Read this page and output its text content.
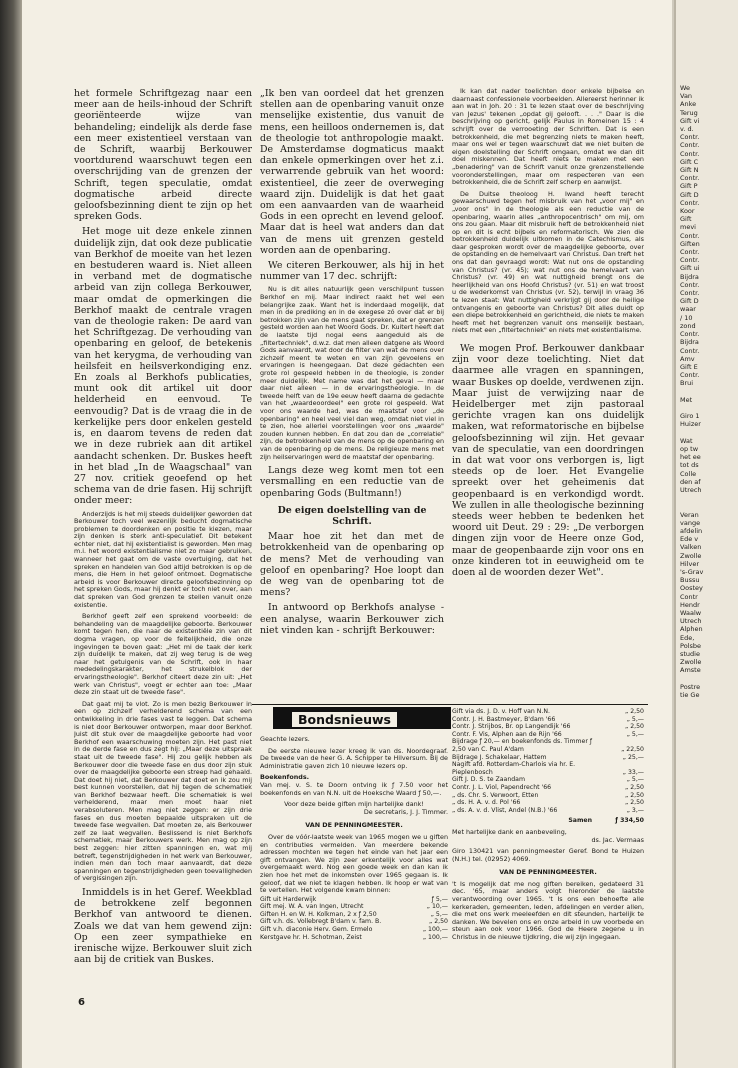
het formele Schriftgezag naar een meer aan de heils-inhoud der Schrift georiënteerde wijze van behandeling; eindelijk als derde fase een meer existentieel verstaan van de Schrift, waarbij Berkouwer voortdurend waarschuwt tegen een overschrijding van de grenzen der Schrift, tegen speculatie, omdat dogmatische arbeid directe geloofsbezinning dient te zijn op het spreken Gods.

Het moge uit deze enkele zinnen duidelijk zijn, dat ook deze publicatie van Berkhof de moeite van het lezen en bestuderen waard is. Niet alleen in verband met de dogmatische arbeid van zijn collega Berkouwer, maar omdat de opmerkingen die Berkhof maakt de centrale vragen van de theologie raken: De aard van het Schriftgezag. De verhouding van openbaring en geloof, de betekenis van het kerygma, de verhouding van heilsfeit en heilsverkondiging enz. En zoals al Berkhofs publicaties, munt ook dit artikel uit door helderheid en eenvoud. Te eenvoudig? Dat is de vraag die in de kerkelijke pers door enkelen gesteld is, en daarom tevens de reden dat we in deze rubriek aan dit artikel aandacht schenken. Dr. Buskes heeft in het blad „In de Waagschaal" van 27 nov. critiek geoefend op het schema van de drie fasen. Hij schrijft onder meer:

Anderzijds is het mij steeds duidelijker geworden dat Berkouwer toch veel wezenlijk beducht dogmatische problemen te doordenken en positie te kiezen, maar zijn denken is sterk anti-speculatief. Dit betekent echter niet, dat hij existentialist is geworden. Men mag m.i. het woord existentialisme niet zo maar gebruiken, wanneer het gaat om de vaste overtuiging, dat het spreken en handelen van God altijd betrokken is op de mens, die Hem in het geloof ontmoet. Dogmatische arbeid is voor Berkouwer directe geloofsbezinning op het spreken Gods, maar hij denkt er toch niet over, aan dat spreken van God grenzen te stellen vanuit onze existentie.

Berkhof geeft zelf een sprekend voorbeeld: de behandeling van de maagdelijke geboorte. Berkouwer komt tegen hen, die naar de existentiële zin van dit dogma vragen, op voor de feitelijkheid, die onze ingevingen te boven gaat: „Het mi de taak der kerk zijn duidelijk te maken, dat zij weg terug is de weg naar het getuigenis van de Schrift, ook in haar mededelingskarakter, het strukelblok der ervaringstheologie". Berkhof citeert deze zin uit: „Het werk van Christus", voegt er echter aan toe: „Maar deze zin staat uit de tweede fase".

Dat gaat mij te vlot. Zo is men bezig Berkouwer in een op zichzelf verhelderend schema van een ontwikkeling in drie fases vast te leggen. Dat schema is niet door Berkouwer ontworpen, maar door Berkhof. Juist dit stuk over de maagdelijke geboorte had voor Berkhof een waarschuwing moeten zijn. Het past niet in de derde fase en dus zegt hij: „Maar deze uitspraak staat uit de tweede fase". Hij zou gelijk hebben als Berkouwer door die tweede fase en dus door zijn stuk over de maagdelijke geboorte een streep had gehaald. Dat doet hij niet, dat Berkouwer dat doet en ik zou mij best kunnen voorstellen, dat hij tegen de schematiek van Berkhof bezwaar heeft. Die schematiek is wel verhelderend, maar men moet haar niet verabsoluteren. Men mag niet zeggen: er zijn drie fases en dus moeten bepaalde uitspraken uit de tweede fase wegvallen. Dat moeten ze, als Berkouwer zelf ze laat wegvallen. Beslissend is niet Berkhofs schematiek, maar Berkouwers werk. Men mag op zijn best zeggen: hier zitten spanningen en, wat mij betreft, tegenstrijdigheden in het werk van Berkouwer, indien men dan toch maar aanvaardt, dat deze spanningen en tegenstrijdigheden geen toevalligheden of vergissingen zijn.

Inmiddels is in het Geref. Weekblad de betrokkene zelf begonnen Berkhof van antwoord te dienen. Zoals we dat van hem gewend zijn: Op een zeer sympathieke en irenische wijze. Berkouwer sluit zich aan bij de critiek van Buskes.

„Ik ben van oordeel dat het grenzen stellen aan de openbaring vanuit onze menselijke existentie, dus vanuit de mens, een heilloos ondernemen is, dat de theologie tot anthropologie maakt. De Amsterdamse dogmaticus maakt dan enkele opmerkingen over het z.i. verwarrende gebruik van het woord: existentieel, die zeer de overweging waard zijn. Duidelijk is dat het gaat om een aanvaarden van de waarheid Gods in een oprecht en levend geloof. Maar dat is heel wat anders dan dat van de mens uit grenzen gesteld worden aan de openbaring.

We citeren Berkouwer, als hij in het nummer van 17 dec. schrijft:

Nu is dit alles natuurlijk geen verschilpunt tussen Berkhof en mij. Maar indirect raakt het wel een belangrijke zaak. Want het is inderdaad mogelijk, dat men in de prediking en in de exegese zó over dat er bij betrokken zijn van de mens gaat spreken, dat er grenzen gesteld worden aan het Woord Gods. Dr. Kuitert heeft dat de laatste tijd nogal eens aangeduid als de „filtertechniek", d.w.z. dat men alleen datgene als Woord Gods aanvaardt, wat door de filter van wat de mens over zichzelf meent te weten en van zijn gevoelens en ervaringen is heengegaan. Dat deze gedachten een grote rol gespeeld hebben in de theologie, is zonder meer duidelijk. Met name was dat het geval — maar daar niet alleen — in de ervaringstheologie. In de tweede helft van de 19e eeuw heeft daarna de gedachte van het „waardeoordeel" een grote rol gespeeld. Wat voor ons waarde had, was de maatstaf voor „de openbaring" en heel veel viel dan weg, omdat niet viel in te zien, hoe allerlei voorstellingen voor ons „waarde" zouden kunnen hebben. En dat zou dan de „correlatie" zijn, de betrokkenheid van de mens op de openbaring en van de openbaring op de mens. De religieuze mens met zijn heilservaringen werd de maatstaf der openbaring.

Langs deze weg komt men tot een versmalling en een reductie van de openbaring Gods (Bultmann!)

De eigen doelstelling van de Schrift.

Maar hoe zit het dan met de betrokkenheid van de openbaring op de mens? Met de verhouding van geloof en openbaring? Hoe loopt dan de weg van de openbaring tot de mens?

In antwoord op Berkhofs analyse - een analyse, waarin Berkouwer zich niet vinden kan - schrijft Berkouwer:

Ik kan dat nader toelichten door enkele bijbelse en daarnaast confessionele voorbeelden. Allereerst herinner ik aan wat in Joh. 20 : 31 te lezen staat over de beschrijving van Jezus' tekenen „opdat gij gelooft. . . ." Daar is die beschrijving op gericht, gelijk Paulus in Romeinen 15 : 4 schrijft over de verrooeting der Schriften. Dat is een betrokkenheid, die met begrenzing niets te maken heeft, maar ons wel er tegen waarschuwt dat we niet buiten de eigen doelstelling der Schrift omgaan, omdat we dan dit doel miskennen. Dat heeft niets te maken met een „benadering" van de Schrift vanuit onze grenzenstellende vooronderstellingen, maar om respecteren van een betrokkenheid, die de Schrift zelf scherp en aanwijst.

De Duitse theoloog H. Iwand heeft terecht gewaarschuwd tegen het misbruik van het „voor mij" en „voor ons" in de theologie als een reductie van de openbaring, waarin alles „anthropocentrisch" om mij, om ons zou gaan. Maar dit misbruik heft de betrokkenheid niet op en dit is echt bijbels en reformatorisch. We zien die betrokkenheid duidelijk uitkomen in de Catechismus, als daar gesproken wordt over de maagdelijke geboorte, over de opstanding en de hemelvaart van Christus. Dan treft het ons dat dan gevraagd wordt: Wat nut ons de opstanding van Christus? (vr. 45); wat nut ons de hemelvaart van Christus? (vr. 49) en wat nuttigheid brengt ons de heerlijkheid van ons Hoofd Christus? (vr. 51) en wat troost u de wederkomst van Christus (vr. 52), terwijl in vraag 36 te lezen staat: Wat nuttigheid verkrijgt gij door de heilige ontvangenis en geboorte van Christus? Dit alles duidt op een diepe betrokkenheid en gerichtheid, die niets te maken heeft met het begrenzen vanuit ons menselijk bestaan, niets met een „filtertechniek" en niets met existentialisme.

We mogen Prof. Berkouwer dankbaar zijn voor deze toelichting. Niet dat daarmee alle vragen en spanningen, waar Buskes op doelde, verdwenen zijn. Maar juist de verwijzing naar de Heidelberger met zijn pastoraal gerichte vragen kan ons duidelijk maken, wat reformatorische en bijbelse geloofsbezinning wil zijn. Het gevaar van de speculatie, van een doordringen in dat wat voor ons verborgen is, ligt steeds op de loer. Het Evangelie spreekt over het geheimenis dat geopenbaard is en verkondigd wordt. We zullen in alle theologische bezinning steeds weer hebben te bedenken het woord uit Deut. 29 : 29: „De verborgen dingen zijn voor de Heere onze God, maar de geopenbaarde zijn voor ons en onze kinderen tot in eeuwigheid om te doen al de woorden dezer Wet".

Bondsnieuws

Geachte lezers.

De eerste nieuwe lezer kreeg ik van ds. Noordegraaf. De tweede van de heer G. A. Schipper te Hilversum. Bij de Administratie gaven zich 10 nieuwe lezers op.

Boekenfonds.

Van mej. v. S. te Doorn ontving ik ƒ 7.50 voor het boekenfonds en van N.N. uit de Hoeksche Waard ƒ 50,—.

Voor deze beide giften mijn hartelijke dank!

De secretaris, J. J. Timmer.

VAN DE PENNINGMEESTER.

Over de vóór-laatste week van 1965 mogen we u giften en contributies vermelden. Van meerdere bekende adressen mochten we tegen het einde van het jaar een gift ontvangen. We zijn zeer erkentelijk voor alles wat overgemaakt werd. Nog een goede week en dan kan ik zien hoe het met de inkomsten over 1965 gegaan is. Ik geloof, dat we niet te klagen hebben. Ik hoop er wat van te vertellen. Het volgende kwam binnen:

Gift uit Harderwijk	ƒ 5,—
Gift mej. W. A. van Ingen, Utrecht	„ 10,—
Giften H. en W. H. Kolkman, 2 x ƒ 2,50	„ 5,—
Gift v.h. ds. Vollebregt B'dam v. fam. B.	„ 2,50
Gift v.h. diaconie Herv. Gem. Ermelo	„ 100,—
Kerstgave hr. H. Schotman, Zeist	„ 100,—
Gift via ds. J. D. v. Hoff van N.N.	„ 2,50
Contr. J. H. Bastmeyer, B'dam '66	„ 5,—
Contr. J. Strijbos, Br. op Langendijk '66	„ 2,50
Contr. F. Vis, Alphen aan de Rijn '66	„ 5,—
Bijdrage ƒ 20,— en boekenfonds ds. Timmer ƒ 2,50 van C. Paul A'dam	„ 22,50
Bijdrage J. Schakelaar, Hattem	„ 25,—
Nagift afd. Rotterdam-Charlois via hr. E. Pieplenbosch	„ 33,—
Gift J. D. S. te Zaandam	„ 5,—
Contr. J. L. Viol, Papendrecht '66	„ 2,50
„ ds. Chr. S. Verwoort, Etten	„ 2,50
„ ds. H. A. v. d. Pol '66	„ 2,50
„ ds. A. v. d. Vlist, Andel (N.B.) '66	„ 3,—
Samen	ƒ 334,50

Met hartelijke dank en aanbeveling,

ds. Jac. Vermaas

Giro 130421 van penningmeester Geref. Bond te Huizen (N.H.) tel. (02952) 4069.

VAN DE PENNINGMEESTER.

't Is mogelijk dat me nog giften bereiken, gedateerd 31 dec. '65, maar anders volgt hieronder de laatste verantwoording over 1965. 't Is ons een behoefte alle kerkeraden, gemeenten, leden, afdelingen en verder allen, die met ons werk meeleefden en dit steunden, hartelijk te danken. We bevelen ons en onze arbeid in uw voorbede en steun aan ook voor 1966. God de Heere zegene u in Christus in de nieuwe tijdkring, die wij zijn ingegaan.

6
We
Van
Anke
Terug
Gift vi
v. d.
Contr.
Contr.
Contr.
Gift C
Gift N
Contr.
Gift P
Gift D
Contr.
Koor
Gift
mevi
Contr.
Giften
Contr.
Contr.
Gift ui
Bijdra
Contr.
Contr.
Gift D
waar
/ 10
zond
Contr.
Bijdra
Contr.
Amv
Gift E
Contr.
Brui

Met

Giro 1
Huizer

Wat
op tw
het ee
tot ds
Colle
den af
Utrech

Veran
vange
afdelin
Ede v
Valken
Zwolle
Hilver
's-Grav
Bussu
Oostey
Contr
Hendr
Waalw
Utrech
Alphen
Ede,
Polsbe
studie
Zwolle
Amste

Postre
tie Ge
